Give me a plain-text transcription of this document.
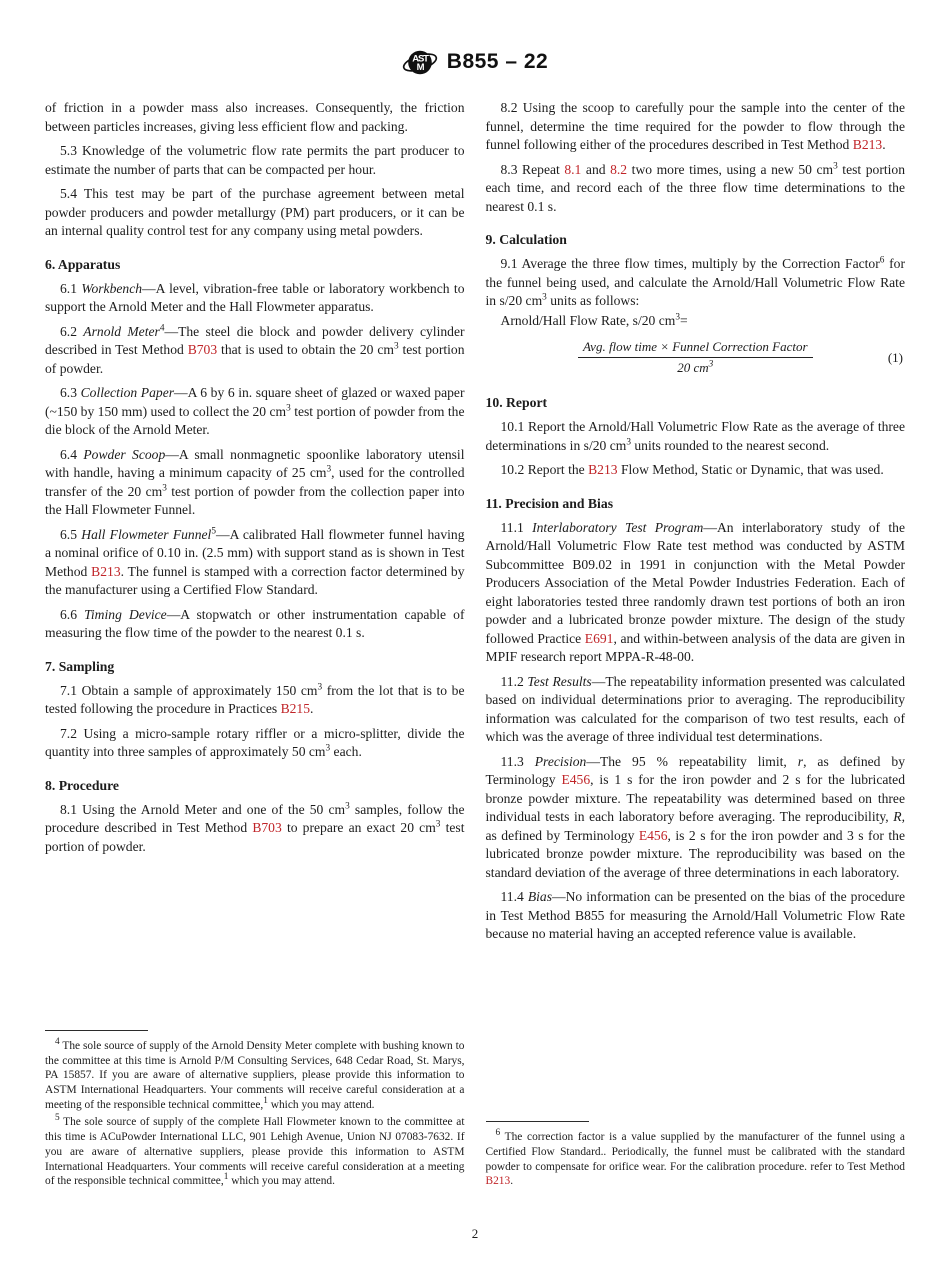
AST
M B855 – 22

of friction in a powder mass also increases. Consequently, the friction between particles increases, giving less efficient flow and packing.

5.3 Knowledge of the volumetric flow rate permits the part producer to estimate the number of parts that can be compacted per hour.

5.4 This test may be part of the purchase agreement between metal powder producers and powder metallurgy (PM) part producers, or it can be an internal quality control test for any company using metal powders.

6. Apparatus

6.1 Workbench—A level, vibration-free table or laboratory workbench to support the Arnold Meter and the Hall Flowmeter apparatus.

6.2 Arnold Meter$^4$—The steel die block and powder delivery cylinder described in Test Method B703 that is used to obtain the 20 $cm^3$ test portion of powder.

6.3 Collection Paper—A 6 by 6 in. square sheet of glazed or waxed paper (~150 by 150 mm) used to collect the 20 $cm^3$ test portion of powder from the die block of the Arnold Meter.

6.4 Powder Scoop—A small nonmagnetic spoonlike laboratory utensil with handle, having a minimum capacity of 25 $cm^3$, used for the controlled transfer of the 20 $cm^3$ test portion of powder from the collection paper into the Hall Flowmeter Funnel.

6.5 Hall Flowmeter Funnel$^5$—A calibrated Hall flowmeter funnel having a nominal orifice of 0.10 in. (2.5 mm) with support stand as is shown in Test Method B213. The funnel is stamped with a correction factor determined by the manufacturer using a Certified Flow Standard.

6.6 Timing Device—A stopwatch or other instrumentation capable of measuring the flow time of the powder to the nearest 0.1 s.

7. Sampling

7.1 Obtain a sample of approximately 150 $cm^3$ from the lot that is to be tested following the procedure in Practices B215.

7.2 Using a micro-sample rotary riffler or a micro-splitter, divide the quantity into three samples of approximately 50 $cm^3$ each.

8. Procedure

8.1 Using the Arnold Meter and one of the 50 $cm^3$ samples, follow the procedure described in Test Method B703 to prepare an exact 20 $cm^3$ test portion of powder.

$^4$ The sole source of supply of the Arnold Density Meter complete with bushing known to the committee at this time is Arnold P/M Consulting Services, 648 Cedar Road, St. Marys, PA 15857. If you are aware of alternative suppliers, please provide this information to ASTM International Headquarters. Your comments will receive careful consideration at a meeting of the responsible technical committee,$^1$ which you may attend.

$^5$ The sole source of supply of the complete Hall Flowmeter known to the committee at this time is ACuPowder International LLC, 901 Lehigh Avenue, Union NJ 07083-7632. If you are aware of alternative suppliers, please provide this information to ASTM International Headquarters. Your comments will receive careful consideration at a meeting of the responsible technical committee,$^1$ which you may attend.

8.2 Using the scoop to carefully pour the sample into the center of the funnel, determine the time required for the powder to flow through the funnel following either of the procedures described in Test Method B213.

8.3 Repeat 8.1 and 8.2 two more times, using a new 50 $cm^3$ test portion each time, and record each of the three flow time determinations to the nearest 0.1 s.

9. Calculation

9.1 Average the three flow times, multiply by the Correction Factor$^6$ for the funnel being used, and calculate the Arnold/Hall Volumetric Flow Rate in s/20 $cm^3$ units as follows:

Arnold/Hall Flow Rate, s/20 $cm^3=$

$\frac{\text{Avg. flow time × Funnel Correction Factor}}{20 cm^3}$	(1)
10. Report

10.1 Report the Arnold/Hall Volumetric Flow Rate as the average of three determinations in s/20 $cm^3$ units rounded to the nearest second.

10.2 Report the B213 Flow Method, Static or Dynamic, that was used.

11. Precision and Bias

11.1 Interlaboratory Test Program—An interlaboratory study of the Arnold/Hall Volumetric Flow Rate test method was conducted by ASTM Subcommittee B09.02 in 1991 in conjunction with the Metal Powder Producers Association of the Metal Powder Industries Federation. Each of eight laboratories tested three randomly drawn test portions of both an iron powder and a lubricated bronze powder mixture. The design of the study followed Practice E691, and within-between analysis of the data are given in MPIF research report MPPA-R-48-00.

11.2 Test Results—The repeatability information presented was calculated based on individual determinations prior to averaging. The reproducibility information was calculated for the comparison of two test results, each of which was the average of three individual test determinations.

11.3 Precision—The 95 % repeatability limit, r, as defined by Terminology E456, is 1 s for the iron powder and 2 s for the lubricated bronze powder mixture. The repeatability was determined based on three individual tests in each laboratory before averaging. The reproducibility, R, as defined by Terminology E456, is 2 s for the iron powder and 3 s for the lubricated bronze powder mixture. The reproducibility was based on the standard deviation of the average of three determinations in each laboratory.

11.4 Bias—No information can be presented on the bias of the procedure in Test Method B855 for measuring the Arnold/Hall Volumetric Flow Rate because no material having an accepted reference value is available.

$^6$ The correction factor is a value supplied by the manufacturer of the funnel using a Certified Flow Standard.. Periodically, the funnel must be calibrated with the standard powder to compensate for orifice wear. For the calibration procedure. refer to Test Method B213.

2
